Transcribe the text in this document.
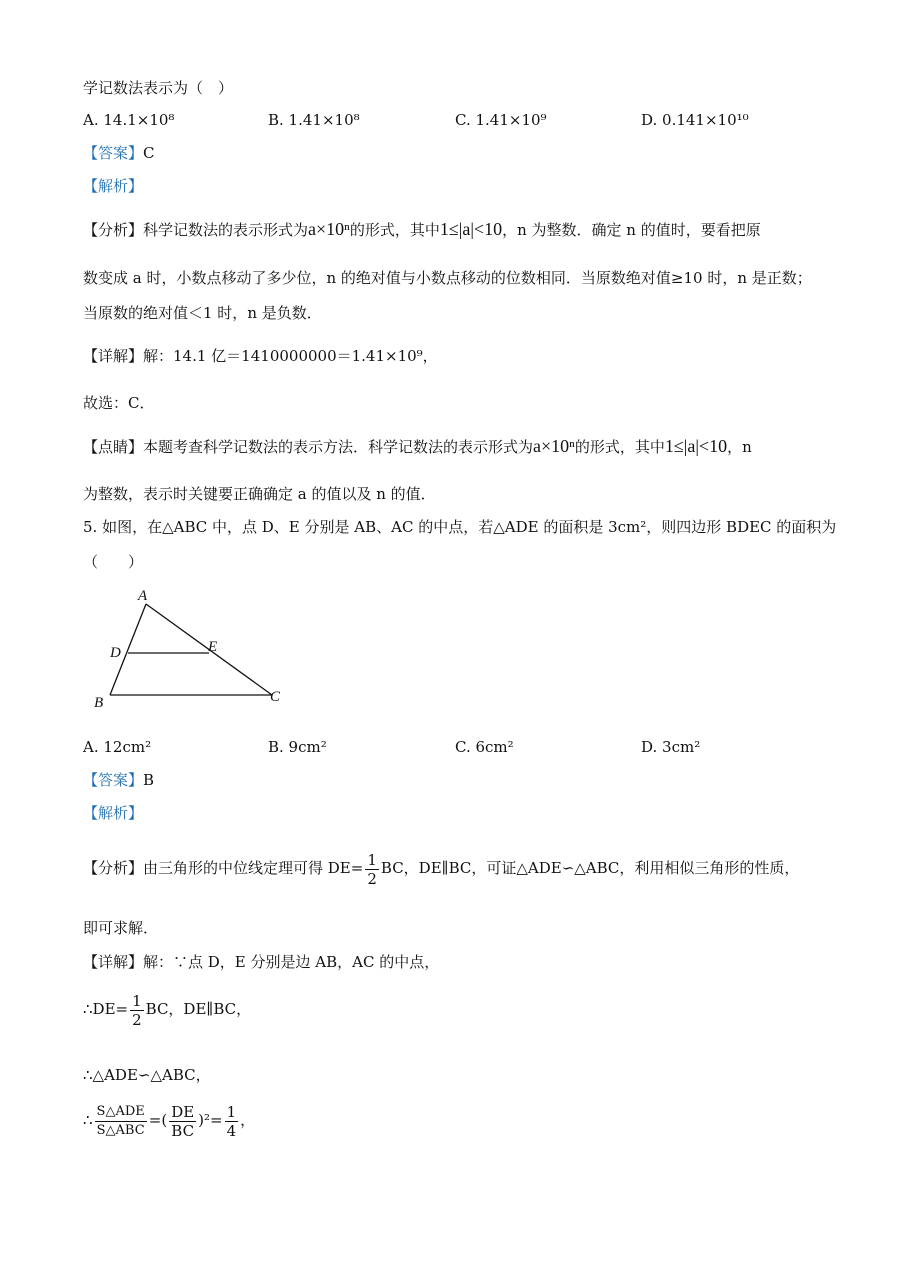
学记数法表示为（　）
A. 14.1×10⁸	B. 1.41×10⁸	C. 1.41×10⁹	D. 0.141×10¹⁰
【答案】C
【解析】
【分析】科学记数法的表示形式为a×10ⁿ的形式，其中1≤|a|<10，n 为整数．确定 n 的值时，要看把原
数变成 a 时，小数点移动了多少位，n 的绝对值与小数点移动的位数相同．当原数绝对值≥10 时，n 是正数；
当原数的绝对值＜1 时，n 是负数．
【详解】解：14.1 亿＝1410000000＝1.41×10⁹，
故选：C．
【点睛】本题考查科学记数法的表示方法．科学记数法的表示形式为a×10ⁿ的形式，其中1≤|a|<10，n
为整数，表示时关键要正确确定 a 的值以及 n 的值．
5. 如图，在△ABC 中，点 D、E 分别是 AB、AC 的中点，若△ADE 的面积是 3cm²，则四边形 BDEC 的面积为
（　　）
A
D	E
B	C
A. 12cm²	B. 9cm²	C. 6cm²	D. 3cm²
【答案】B
【解析】
【分析】由三角形的中位线定理可得 $DE= \frac{1}{2}$ BC，DE∥BC，可证△ADE∽△ABC，利用相似三角形的性质，
即可求解．
【详解】解：∵点 D，E 分别是边 AB，AC 的中点，
∴DE= $\frac{1}{2}$ BC，DE∥BC，
∴△ADE∽△ABC，
∴ $\frac{\text{S△ADE}}{\text{S△ABC}}$ =( $\frac{DE}{BC} )^2= \frac{1}{4}$ ，
